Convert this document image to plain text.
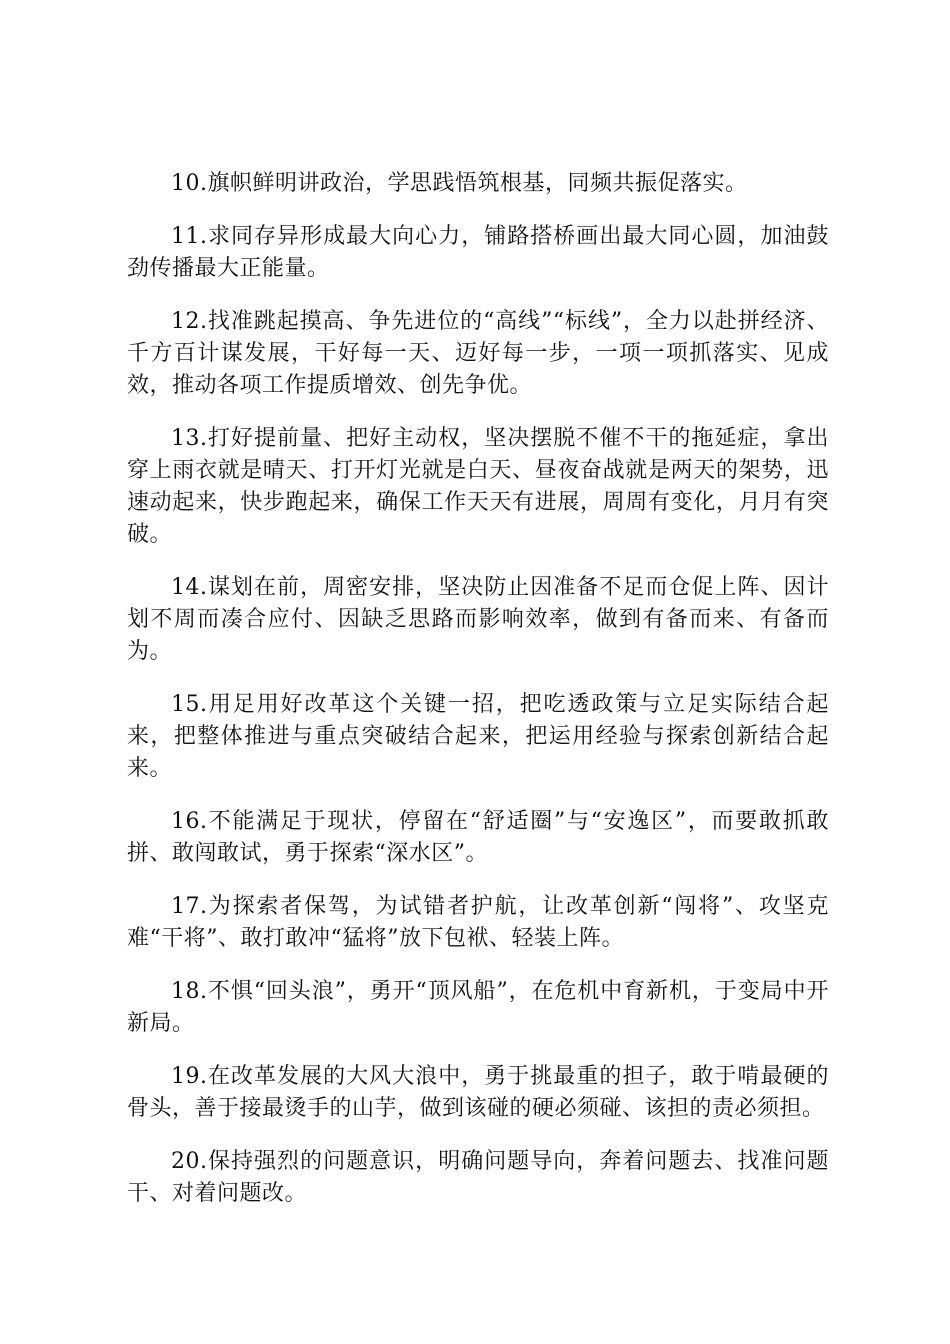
10.旗帜鲜明讲政治，学思践悟筑根基，同频共振促落实。

11.求同存异形成最大向心力，铺路搭桥画出最大同心圆，加油鼓劲传播最大正能量。

12.找准跳起摸高、争先进位的“高线”“标线”，全力以赴拼经济、千方百计谋发展，干好每一天、迈好每一步，一项一项抓落实、见成效，推动各项工作提质增效、创先争优。

13.打好提前量、把好主动权，坚决摆脱不催不干的拖延症，拿出穿上雨衣就是晴天、打开灯光就是白天、昼夜奋战就是两天的架势，迅速动起来，快步跑起来，确保工作天天有进展，周周有变化，月月有突破。

14.谋划在前，周密安排，坚决防止因准备不足而仓促上阵、因计划不周而凑合应付、因缺乏思路而影响效率，做到有备而来、有备而为。

15.用足用好改革这个关键一招，把吃透政策与立足实际结合起来，把整体推进与重点突破结合起来，把运用经验与探索创新结合起来。

16.不能满足于现状，停留在“舒适圈”与“安逸区”，而要敢抓敢拼、敢闯敢试，勇于探索“深水区”。

17.为探索者保驾，为试错者护航，让改革创新“闯将”、攻坚克难“干将”、敢打敢冲“猛将”放下包袱、轻装上阵。

18.不惧“回头浪”，勇开“顶风船”，在危机中育新机，于变局中开新局。

19.在改革发展的大风大浪中，勇于挑最重的担子，敢于啃最硬的骨头，善于接最烫手的山芋，做到该碰的硬必须碰、该担的责必须担。

20.保持强烈的问题意识，明确问题导向，奔着问题去、找准问题干、对着问题改。
